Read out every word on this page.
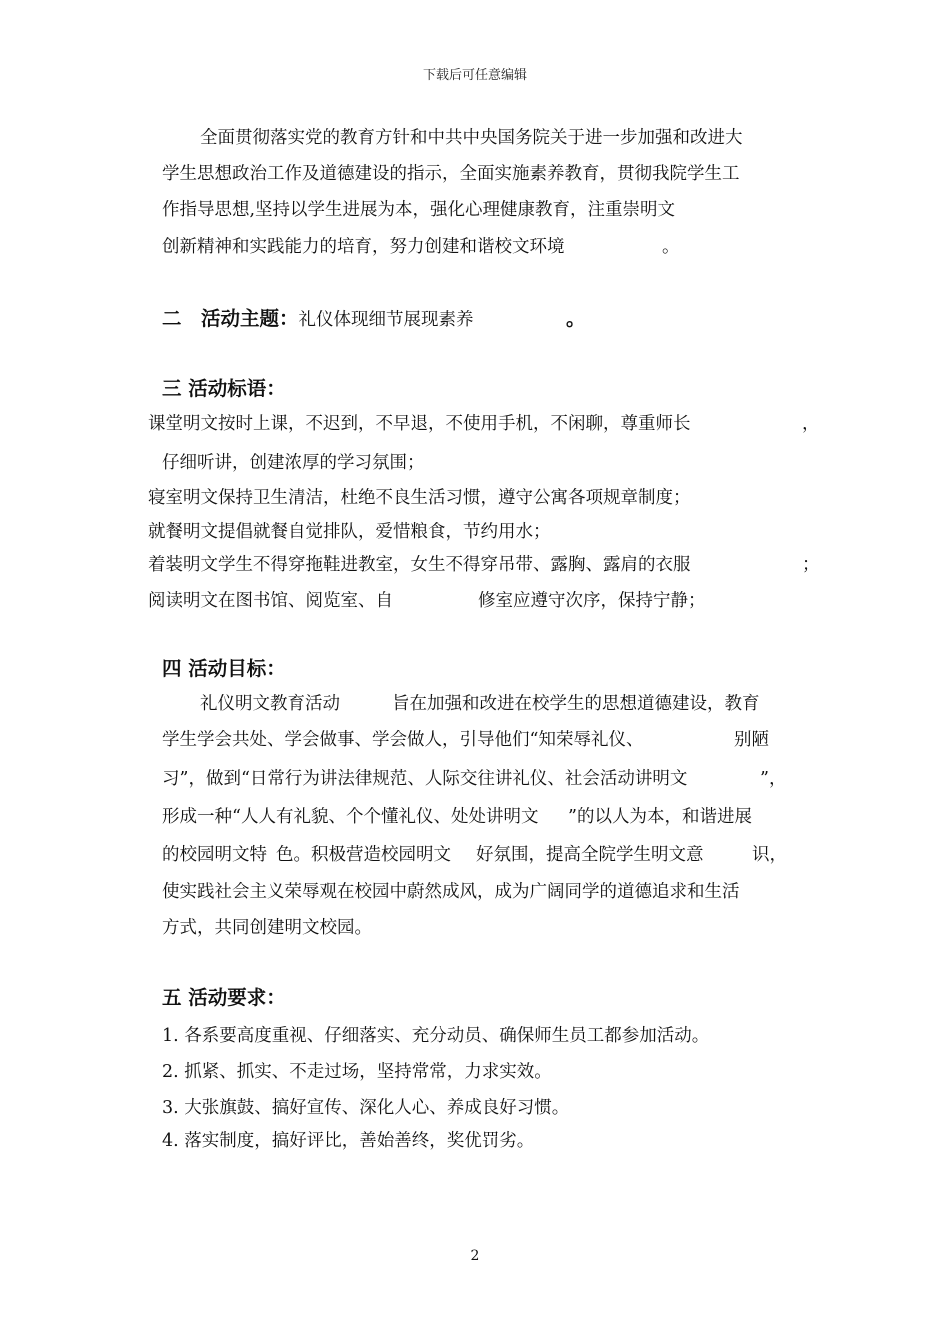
下载后可任意编辑
全面贯彻落实党的教育方针和中共中央国务院关于进一步加强和改进大
学生思想政治工作及道德建设的指示，全面实施素养教育，贯彻我院学生工
作指导思想,坚持以学生进展为本，强化心理健康教育，注重崇明文
创新精神和实践能力的培育，努力创建和谐校文环境	。
二　活动主题：礼仪体现细节展现素养	。
三 活动标语：
课堂明文按时上课，不迟到，不早退，不使用手机，不闲聊，尊重师长	，
仔细听讲，创建浓厚的学习氛围；
寝室明文保持卫生清洁，杜绝不良生活习惯，遵守公寓各项规章制度；
就餐明文提倡就餐自觉排队，爱惜粮食，节约用水；
着装明文学生不得穿拖鞋进教室，女生不得穿吊带、露胸、露肩的衣服	；
阅读明文在图书馆、阅览室、自	修室应遵守次序，保持宁静；
四 活动目标：
礼仪明文教育活动	旨在加强和改进在校学生的思想道德建设，教育
学生学会共处、学会做事、学会做人，引导他们“知荣辱礼仪、	别陋
习”，做到“日常行为讲法律规范、人际交往讲礼仪、社会活动讲明文	”，
形成一种“人人有礼貌、个个懂礼仪、处处讲明文 ”的以人为本，和谐进展
的校园明文特 色。积极营造校园明文 好氛围，提高全院学生明文意	识，
使实践社会主义荣辱观在校园中蔚然成风，成为广阔同学的道德追求和生活
方式，共同创建明文校园。
五 活动要求：
1. 各系要高度重视、仔细落实、充分动员、确保师生员工都参加活动。
2. 抓紧、抓实、不走过场，坚持常常，力求实效。
3. 大张旗鼓、搞好宣传、深化人心、养成良好习惯。
4. 落实制度，搞好评比，善始善终，奖优罚劣。
2
